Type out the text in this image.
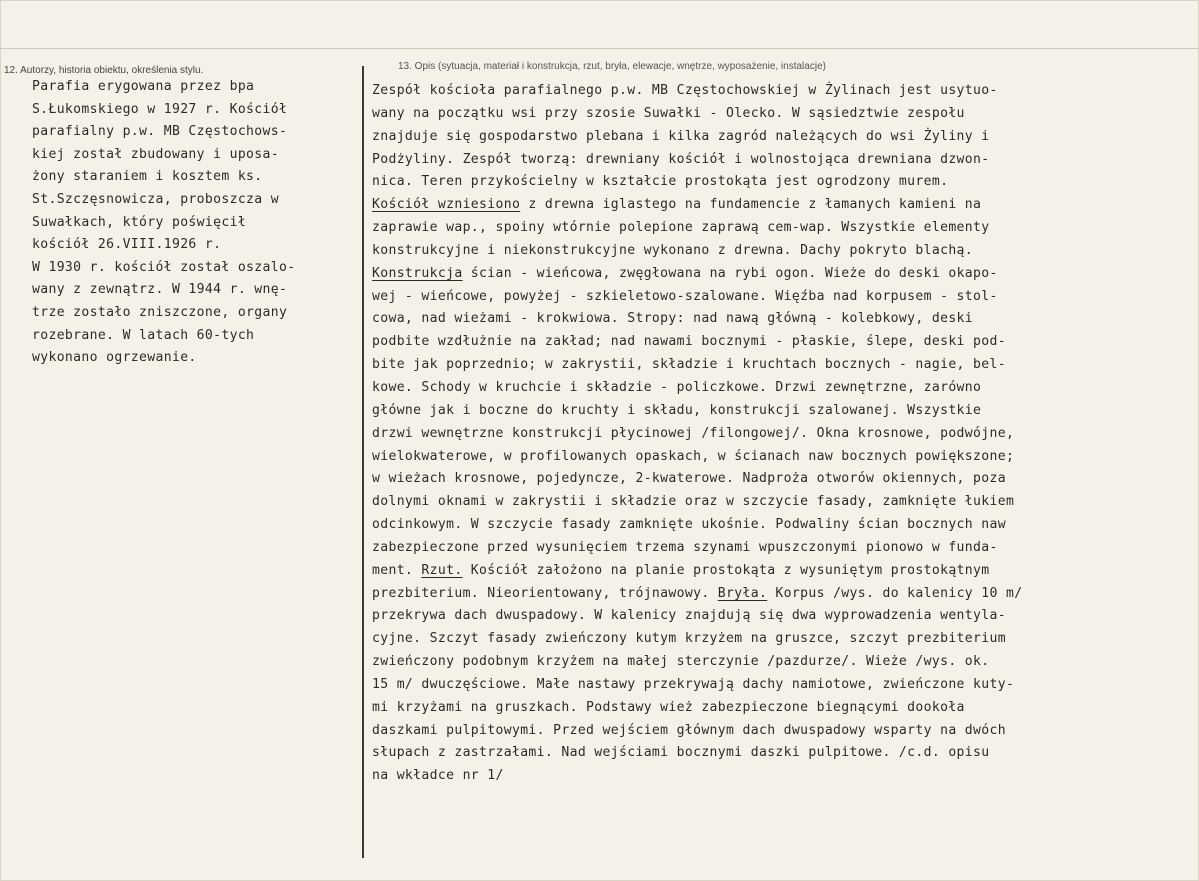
12. Autorzy, historia obiektu, określenia stylu.	13. Opis (sytuacja, materiał i konstrukcja, rzut, bryła, elewacje, wnętrze, wyposażenie, instalacje)
Parafia erygowana przez bpa
S.Łukomskiego w 1927 r. Kościół
parafialny p.w. MB Częstochows-
kiej został zbudowany i uposa-
żony staraniem i kosztem ks.
St.Szczęsnowicza, proboszcza w
Suwałkach, który poświęcił
kościół 26.VIII.1926 r.
W 1930 r. kościół został oszalo-
wany z zewnątrz. W 1944 r. wnę-
trze zostało zniszczone, organy
rozebrane. W latach 60-tych
wykonano ogrzewanie.
Zespół kościoła parafialnego p.w. MB Częstochowskiej w Żylinach jest usytuo-
wany na początku wsi przy szosie Suwałki - Olecko. W sąsiedztwie zespołu
znajduje się gospodarstwo plebana i kilka zagród należących do wsi Żyliny i
Podżyliny. Zespół tworzą: drewniany kościół i wolnostojąca drewniana dzwon-
nica. Teren przykościelny w kształcie prostokąta jest ogrodzony murem.
Kościół wzniesiono z drewna iglastego na fundamencie z łamanych kamieni na
zaprawie wap., spoiny wtórnie polepione zaprawą cem-wap. Wszystkie elementy
konstrukcyjne i niekonstrukcyjne wykonano z drewna. Dachy pokryto blachą.
Konstrukcja ścian - wieńcowa, zwęgłowana na rybi ogon. Wieże do deski okapo-
wej - wieńcowe, powyżej - szkieletowo-szalowane. Więźba nad korpusem - stol-
cowa, nad wieżami - krokwiowa. Stropy: nad nawą główną - kolebkowy, deski
podbite wzdłużnie na zakład; nad nawami bocznymi - płaskie, ślepe, deski pod-
bite jak poprzednio; w zakrystii, składzie i kruchtach bocznych - nagie, bel-
kowe. Schody w kruchcie i składzie - policzkowe. Drzwi zewnętrzne, zarówno
główne jak i boczne do kruchty i składu, konstrukcji szalowanej. Wszystkie
drzwi wewnętrzne konstrukcji płycinowej /filongowej/. Okna krosnowe, podwójne,
wielokwaterowe, w profilowanych opaskach, w ścianach naw bocznych powiększone;
w wieżach krosnowe, pojedyncze, 2-kwaterowe. Nadproża otworów okiennych, poza
dolnymi oknami w zakrystii i składzie oraz w szczycie fasady, zamknięte łukiem
odcinkowym. W szczycie fasady zamknięte ukośnie. Podwaliny ścian bocznych naw
zabezpieczone przed wysunięciem trzema szynami wpuszczonymi pionowo w funda-
ment. Rzut. Kościół założono na planie prostokąta z wysuniętym prostokątnym
prezbiterium. Nieorientowany, trójnawowy. Bryła. Korpus /wys. do kalenicy 10 m/
przekrywa dach dwuspadowy. W kalenicy znajdują się dwa wyprowadzenia wentyla-
cyjne. Szczyt fasady zwieńczony kutym krzyżem na gruszce, szczyt prezbiterium
zwieńczony podobnym krzyżem na małej sterczynie /pazdurze/. Wieże /wys. ok.
15 m/ dwuczęściowe. Małe nastawy przekrywają dachy namiotowe, zwieńczone kuty-
mi krzyżami na gruszkach. Podstawy wież zabezpieczone biegnącymi dookoła
daszkami pulpitowymi. Przed wejściem głównym dach dwuspadowy wsparty na dwóch
słupach z zastrzałami. Nad wejściami bocznymi daszki pulpitowe. /c.d. opisu
na wkładce nr 1/
